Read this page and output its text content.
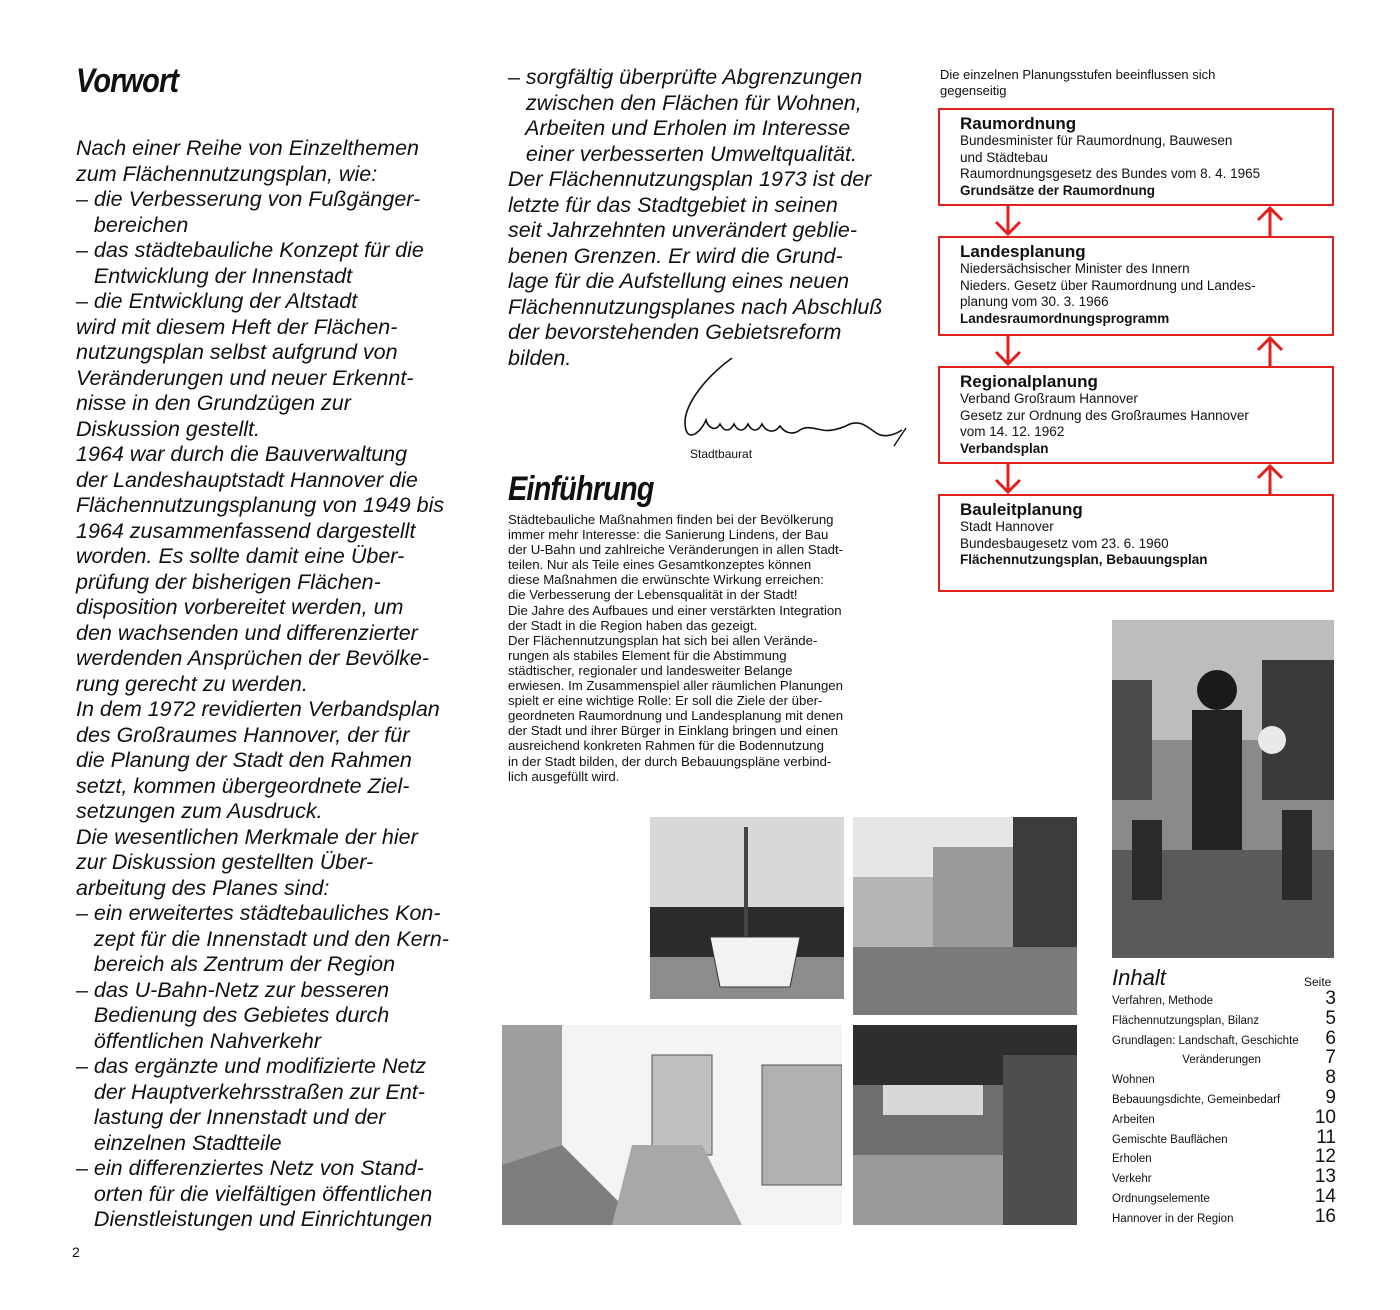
Vorwort
Nach einer Reihe von Einzelthemen
zum Flächennutzungsplan, wie:
– die Verbesserung von Fußgänger-
bereichen
– das städtebauliche Konzept für die
Entwicklung der Innenstadt
– die Entwicklung der Altstadt
wird mit diesem Heft der Flächen-
nutzungsplan selbst aufgrund von
Veränderungen und neuer Erkennt-
nisse in den Grundzügen zur
Diskussion gestellt.
1964 war durch die Bauverwaltung
der Landeshauptstadt Hannover die
Flächennutzungsplanung von 1949 bis
1964 zusammenfassend dargestellt
worden. Es sollte damit eine Über-
prüfung der bisherigen Flächen-
disposition vorbereitet werden, um
den wachsenden und differenzierter
werdenden Ansprüchen der Bevölke-
rung gerecht zu werden.
In dem 1972 revidierten Verbandsplan
des Großraumes Hannover, der für
die Planung der Stadt den Rahmen
setzt, kommen übergeordnete Ziel-
setzungen zum Ausdruck.
Die wesentlichen Merkmale der hier
zur Diskussion gestellten Über-
arbeitung des Planes sind:
– ein erweitertes städtebauliches Kon-
zept für die Innenstadt und den Kern-
bereich als Zentrum der Region
– das U-Bahn-Netz zur besseren
Bedienung des Gebietes durch
öffentlichen Nahverkehr
– das ergänzte und modifizierte Netz
der Hauptverkehrsstraßen zur Ent-
lastung der Innenstadt und der
einzelnen Stadtteile
– ein differenziertes Netz von Stand-
orten für die vielfältigen öffentlichen
Dienstleistungen und Einrichtungen
– sorgfältig überprüfte Abgrenzungen
zwischen den Flächen für Wohnen,
Arbeiten und Erholen im Interesse
einer verbesserten Umweltqualität.
Der Flächennutzungsplan 1973 ist der
letzte für das Stadtgebiet in seinen
seit Jahrzehnten unverändert geblie-
benen Grenzen. Er wird die Grund-
lage für die Aufstellung eines neuen
Flächennutzungsplanes nach Abschluß
der bevorstehenden Gebietsreform
bilden.
Stadtbaurat
Einführung
Städtebauliche Maßnahmen finden bei der Bevölkerung
immer mehr Interesse: die Sanierung Lindens, der Bau
der U-Bahn und zahlreiche Veränderungen in allen Stadt-
teilen. Nur als Teile eines Gesamtkonzeptes können
diese Maßnahmen die erwünschte Wirkung erreichen:
die Verbesserung der Lebensqualität in der Stadt!
Die Jahre des Aufbaues und einer verstärkten Integration
der Stadt in die Region haben das gezeigt.
Der Flächennutzungsplan hat sich bei allen Verände-
rungen als stabiles Element für die Abstimmung
städtischer, regionaler und landesweiter Belange
erwiesen. Im Zusammenspiel aller räumlichen Planungen
spielt er eine wichtige Rolle: Er soll die Ziele der über-
geordneten Raumordnung und Landesplanung mit denen
der Stadt und ihrer Bürger in Einklang bringen und einen
ausreichend konkreten Rahmen für die Bodennutzung
in der Stadt bilden, der durch Bebauungspläne verbind-
lich ausgefüllt wird.
Die einzelnen Planungsstufen beeinflussen sich gegenseitig
Raumordnung
Bundesminister für Raumordnung, Bauwesen
und Städtebau
Raumordnungsgesetz des Bundes vom 8. 4. 1965
Grundsätze der Raumordnung
Landesplanung
Niedersächsischer Minister des Innern
Nieders. Gesetz über Raumordnung und Landes-
planung vom 30. 3. 1966
Landesraumordnungsprogramm
Regionalplanung
Verband Großraum Hannover
Gesetz zur Ordnung des Großraumes Hannover
vom 14. 12. 1962
Verbandsplan
Bauleitplanung
Stadt Hannover
Bundesbaugesetz vom 23. 6. 1960
Flächennutzungsplan, Bebauungsplan
Inhalt	Seite
Verfahren, Methode	3
Flächennutzungsplan, Bilanz	5
Grundlagen: Landschaft, Geschichte 6
Veränderungen	7
Wohnen	8
Bebauungsdichte, Gemeinbedarf 9
Arbeiten	10
Gemischte Bauflächen	11
Erholen	12
Verkehr	13
Ordnungselemente	14
Hannover in der Region	16
2
